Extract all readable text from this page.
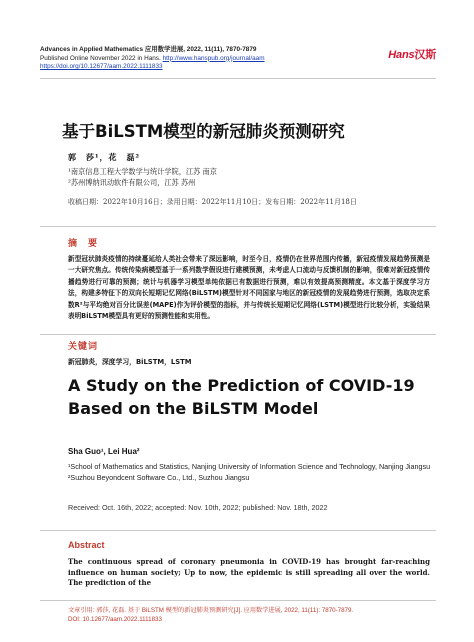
Advances in Applied Mathematics 应用数学进展, 2022, 11(11), 7870-7879
Published Online November 2022 in Hans. http://www.hanspub.org/journal/aam
https://doi.org/10.12677/aam.2022.1111833
Hans汉斯
基于BiLSTM模型的新冠肺炎预测研究
郭　莎¹，花　磊²
¹南京信息工程大学数学与统计学院，江苏 南京
²苏州博纳讯动软件有限公司，江苏 苏州
收稿日期：2022年10月16日；录用日期：2022年11月10日；发布日期：2022年11月18日
摘　要
新型冠状肺炎疫情的持续蔓延给人类社会带来了深远影响，时至今日，疫情仍在世界范围内传播，新冠疫情发展趋势预测是一大研究焦点。传统传染病模型基于一系列数学假设进行建模预测，未考虑人口流动与反馈机制的影响，很难对新冠疫情传播趋势进行可靠的预测；统计与机器学习模型单纯依据已有数据进行预测，难以有效提高预测精度。本文基于深度学习方法，构建多特征下的双向长短期记忆网络(BiLSTM)模型针对不同国家与地区的新冠疫情的发展趋势进行预测，选取决定系数R²与平均绝对百分比误差(MAPE)作为评价模型的指标，并与传统长短期记忆网络(LSTM)模型进行比较分析，实验结果表明BiLSTM模型具有更好的预测性能和实用性。
关键词
新冠肺炎，深度学习，BiLSTM，LSTM
A Study on the Prediction of COVID-19 Based on the BiLSTM Model
Sha Guo¹, Lei Hua²
¹School of Mathematics and Statistics, Nanjing University of Information Science and Technology, Nanjing Jiangsu
²Suzhou Beyondcent Software Co., Ltd., Suzhou Jiangsu
Received: Oct. 16th, 2022; accepted: Nov. 10th, 2022; published: Nov. 18th, 2022
Abstract
The continuous spread of coronary pneumonia in COVID-19 has brought far-reaching influence on human society; Up to now, the epidemic is still spreading all over the world. The prediction of the
文章引用: 郭莎, 花磊. 基于 BiLSTM 模型的新冠肺炎预测研究[J]. 应用数学进展, 2022, 11(11): 7870-7879.
DOI: 10.12677/aam.2022.1111833
